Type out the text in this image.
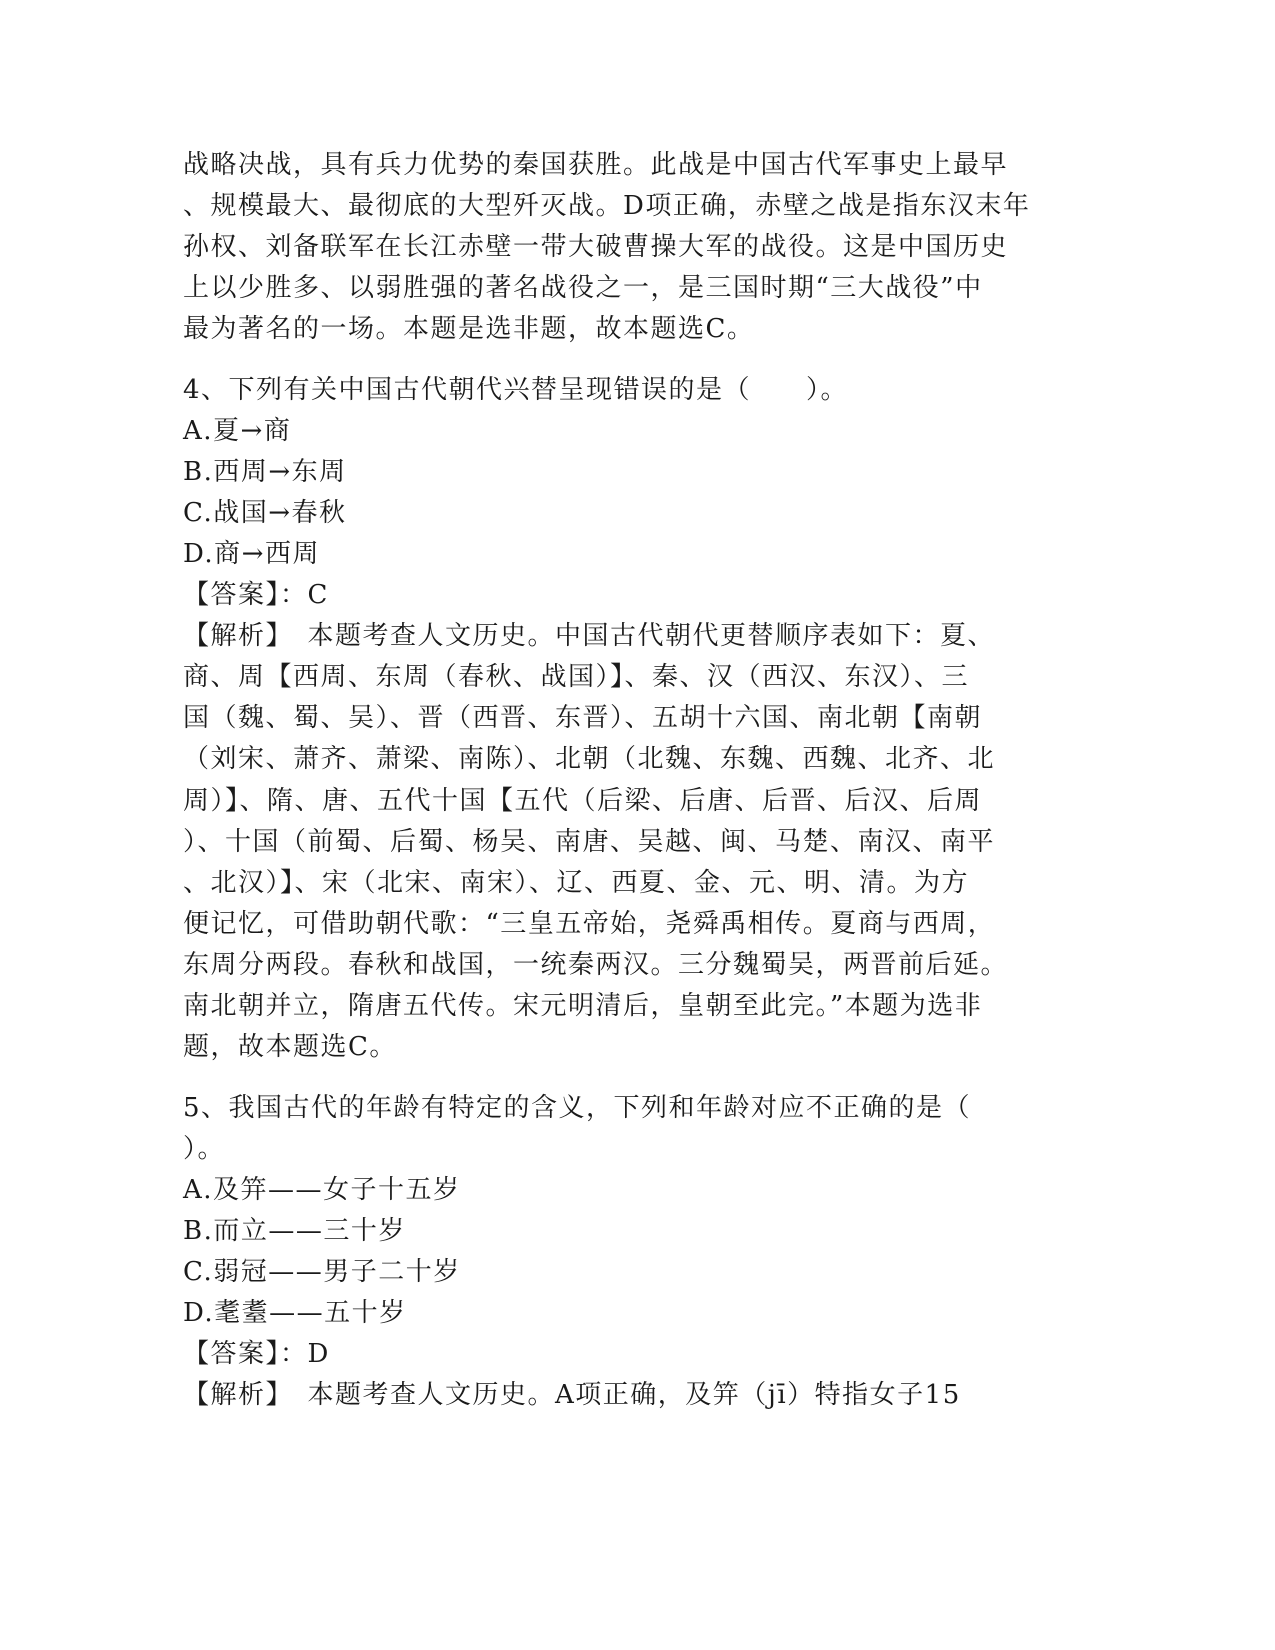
战略决战，具有兵力优势的秦国获胜。此战是中国古代军事史上最早
、规模最大、最彻底的大型歼灭战。D项正确，赤壁之战是指东汉末年
孙权、刘备联军在长江赤壁一带大破曹操大军的战役。这是中国历史
上以少胜多、以弱胜强的著名战役之一，是三国时期“三大战役”中
最为著名的一场。本题是选非题，故本题选C。
4、下列有关中国古代朝代兴替呈现错误的是（　　）。
A.夏→商
B.西周→东周
C.战国→春秋
D.商→西周
【答案】：C
【解析】　本题考查人文历史。中国古代朝代更替顺序表如下：夏、
商、周【西周、东周（春秋、战国）】、秦、汉（西汉、东汉）、三
国（魏、蜀、吴）、晋（西晋、东晋）、五胡十六国、南北朝【南朝
（刘宋、萧齐、萧梁、南陈）、北朝（北魏、东魏、西魏、北齐、北
周）】、隋、唐、五代十国【五代（后梁、后唐、后晋、后汉、后周
）、十国（前蜀、后蜀、杨吴、南唐、吴越、闽、马楚、南汉、南平
、北汉）】、宋（北宋、南宋）、辽、西夏、金、元、明、清。为方
便记忆，可借助朝代歌：“三皇五帝始，尧舜禹相传。夏商与西周，
东周分两段。春秋和战国，一统秦两汉。三分魏蜀吴，两晋前后延。
南北朝并立，隋唐五代传。宋元明清后，皇朝至此完。”本题为选非
题，故本题选C。
5、我国古代的年龄有特定的含义，下列和年龄对应不正确的是（
）。
A.及笄——女子十五岁
B.而立——三十岁
C.弱冠——男子二十岁
D.耄耋——五十岁
【答案】：D
【解析】　本题考查人文历史。A项正确，及笄（jī）特指女子15
